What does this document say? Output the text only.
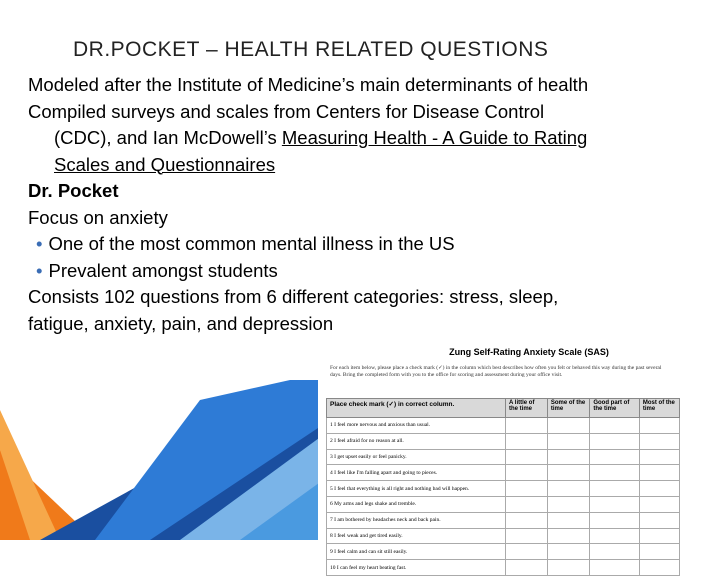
DR.POCKET – HEALTH RELATED QUESTIONS
Modeled after the Institute of Medicine’s main determinants of health
Compiled surveys and scales from Centers for Disease Control
(CDC), and Ian McDowell’s Measuring Health - A Guide to Rating
Scales and Questionnaires
Dr. Pocket
Focus on anxiety
• One of the most common mental illness in the US
• Prevalent amongst students
Consists 102 questions from 6 different categories: stress, sleep,
fatigue, anxiety, pain, and depression
Zung Self-Rating Anxiety Scale (SAS)
For each item below, please place a check mark (✓) in the column which best describes how often you felt or behaved this way during the past several days. Bring the completed form with you to the office for scoring and assessment during your office visit.
Place check mark (✓) in correct column.	A little of the time	Some of the time	Good part of the time	Most of the time
1 I feel more nervous and anxious than usual.				
2 I feel afraid for no reason at all.				
3 I get upset easily or feel panicky.				
4 I feel like I'm falling apart and going to pieces.				
5 I feel that everything is all right and nothing bad will happen.				
6 My arms and legs shake and tremble.				
7 I am bothered by headaches neck and back pain.				
8 I feel weak and get tired easily.				
9 I feel calm and can sit still easily.				
10 I can feel my heart beating fast.				
